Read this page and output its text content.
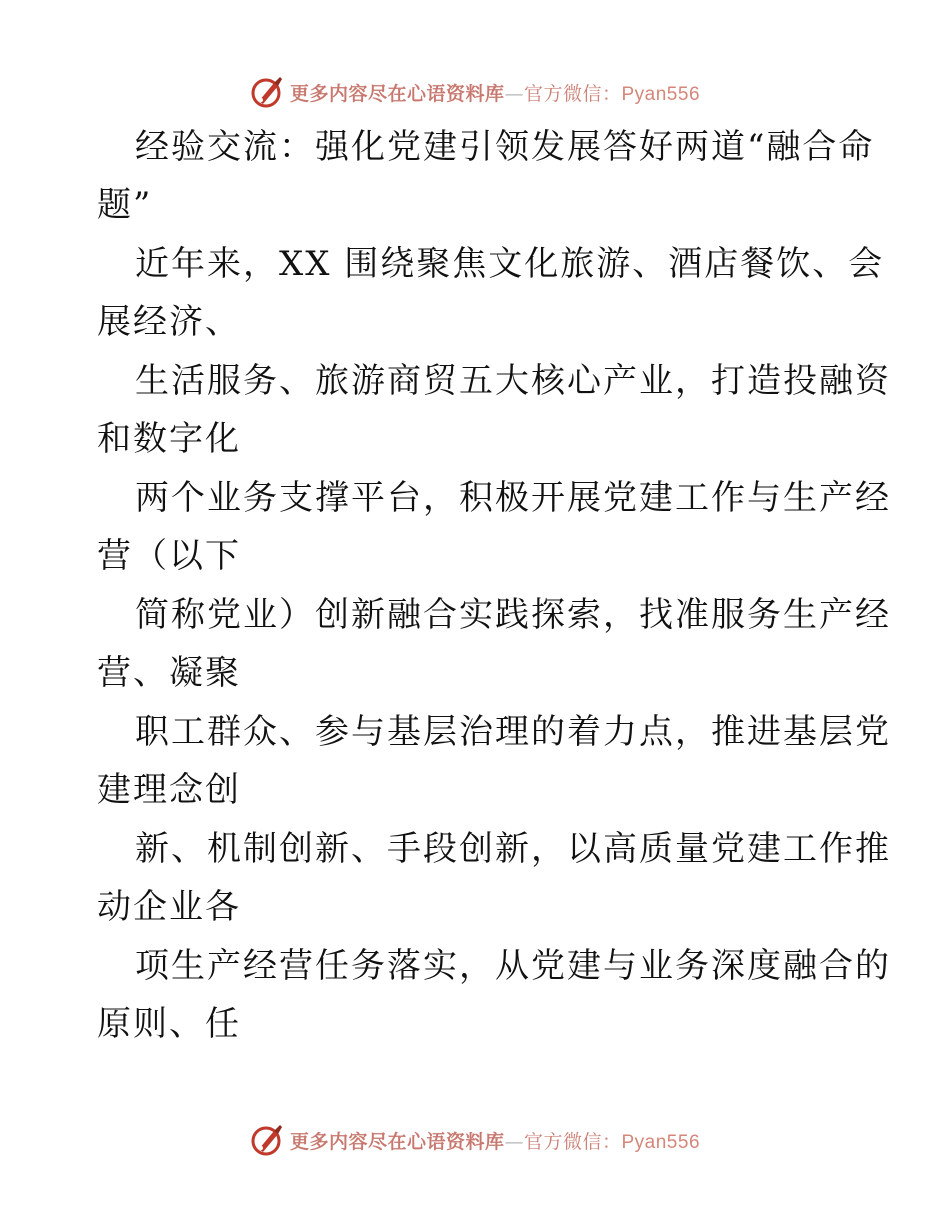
更多内容尽在心语资料库—官方微信：Pyan556
经验交流：强化党建引领发展答好两道“融合命
题”
近年来，XX 围绕聚焦文化旅游、酒店餐饮、会
展经济、
生活服务、旅游商贸五大核心产业，打造投融资
和数字化
两个业务支撑平台，积极开展党建工作与生产经
营（以下
简称党业）创新融合实践探索，找准服务生产经
营、凝聚
职工群众、参与基层治理的着力点，推进基层党
建理念创
新、机制创新、手段创新，以高质量党建工作推
动企业各
项生产经营任务落实，从党建与业务深度融合的
原则、任
更多内容尽在心语资料库—官方微信：Pyan556
